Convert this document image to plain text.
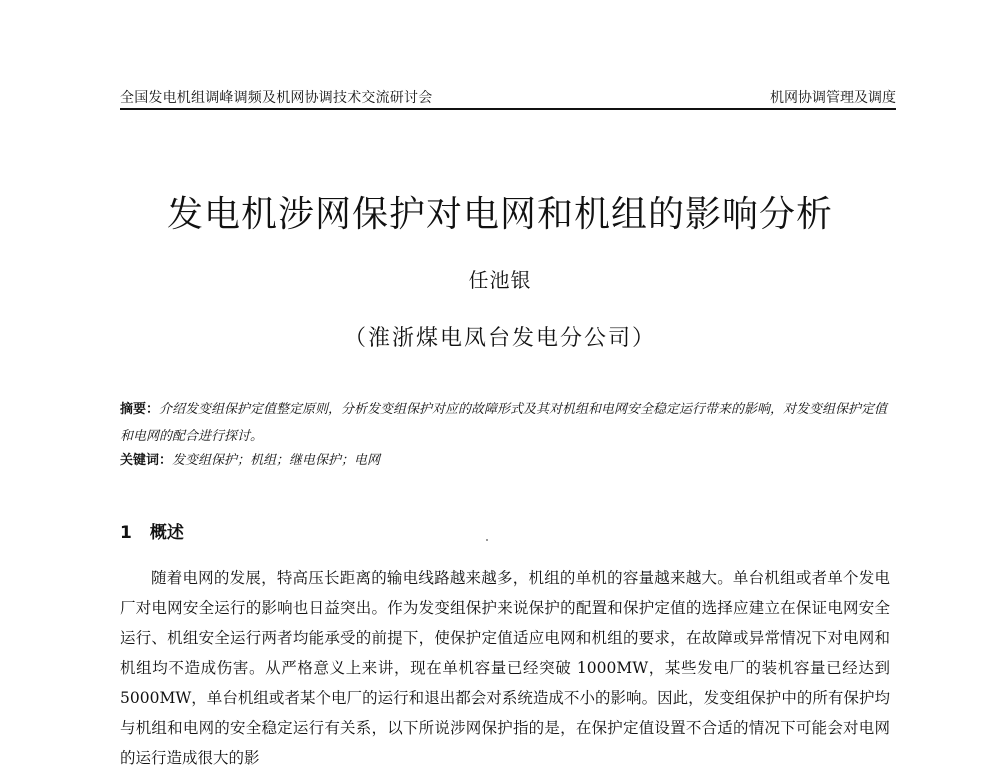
全国发电机组调峰调频及机网协调技术交流研讨会	机网协调管理及调度
发电机涉网保护对电网和机组的影响分析
任池银
（淮浙煤电凤台发电分公司）
摘要：介绍发变组保护定值整定原则，分析发变组保护对应的故障形式及其对机组和电网安全稳定运行带来的影响，对发变组保护定值和电网的配合进行探讨。
关键词：发变组保护；机组；继电保护；电网
1 概述
随着电网的发展，特高压长距离的输电线路越来越多，机组的单机的容量越来越大。单台机组或者单个发电厂对电网安全运行的影响也日益突出。作为发变组保护来说保护的配置和保护定值的选择应建立在保证电网安全运行、机组安全运行两者均能承受的前提下，使保护定值适应电网和机组的要求，在故障或异常情况下对电网和机组均不造成伤害。从严格意义上来讲，现在单机容量已经突破 1000MW，某些发电厂的装机容量已经达到 5000MW，单台机组或者某个电厂的运行和退出都会对系统造成不小的影响。因此，发变组保护中的所有保护均与机组和电网的安全稳定运行有关系，以下所说涉网保护指的是，在保护定值设置不合适的情况下可能会对电网的运行造成很大的影
